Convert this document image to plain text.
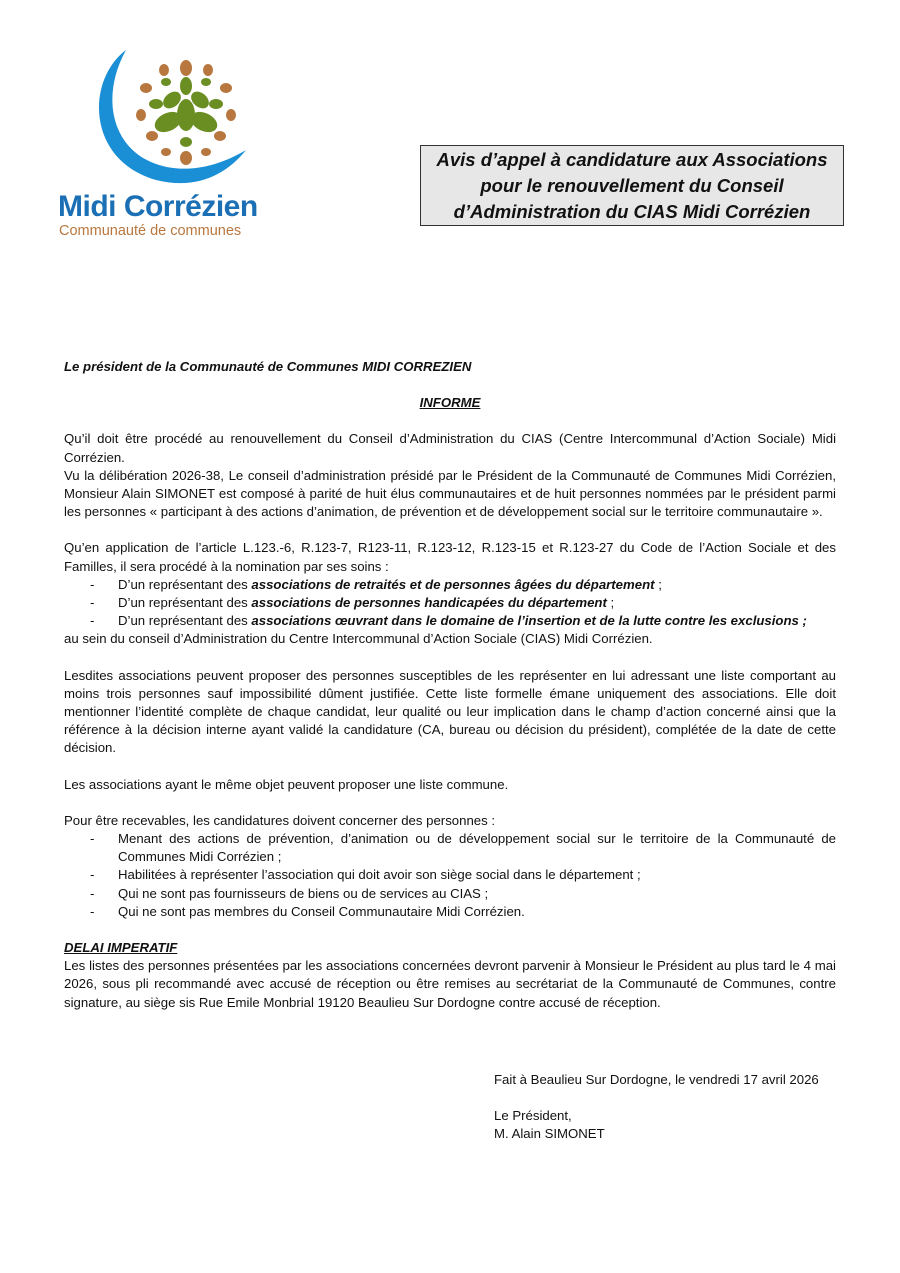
Midi Corrézien
Communauté de communes
Avis d’appel à candidature aux Associations pour le renouvellement du Conseil d’Administration du CIAS Midi Corrézien

Le président de la Communauté de Communes MIDI CORREZIEN

INFORME

Qu’il doit être procédé au renouvellement du Conseil d’Administration du CIAS (Centre Intercommunal d’Action Sociale) Midi Corrézien.

Vu la délibération 2026-38, Le conseil d’administration présidé par le Président de la Communauté de Communes Midi Corrézien, Monsieur Alain SIMONET est composé à parité de huit élus communautaires et de huit personnes nommées par le président parmi les personnes « participant à des actions d’animation, de prévention et de développement social sur le territoire communautaire ».

Qu’en application de l’article L.123.-6, R.123-7, R123-11, R.123-12, R.123-15 et R.123-27 du Code de l’Action Sociale et des Familles, il sera procédé à la nomination par ses soins :

- D’un représentant des associations de retraités et de personnes âgées du département ;
- D’un représentant des associations de personnes handicapées du département ;
- D’un représentant des associations œuvrant dans le domaine de l’insertion et de la lutte contre les exclusions ;

au sein du conseil d’Administration du Centre Intercommunal d’Action Sociale (CIAS) Midi Corrézien.

Lesdites associations peuvent proposer des personnes susceptibles de les représenter en lui adressant une liste comportant au moins trois personnes sauf impossibilité dûment justifiée. Cette liste formelle émane uniquement des associations. Elle doit mentionner l’identité complète de chaque candidat, leur qualité ou leur implication dans le champ d’action concerné ainsi que la référence à la décision interne ayant validé la candidature (CA, bureau ou décision du président), complétée de la date de cette décision.

Les associations ayant le même objet peuvent proposer une liste commune.

Pour être recevables, les candidatures doivent concerner des personnes :

- Menant des actions de prévention, d’animation ou de développement social sur le territoire de la Communauté de Communes Midi Corrézien ;
- Habilitées à représenter l’association qui doit avoir son siège social dans le département ;
- Qui ne sont pas fournisseurs de biens ou de services au CIAS ;
- Qui ne sont pas membres du Conseil Communautaire Midi Corrézien.

DELAI IMPERATIF

Les listes des personnes présentées par les associations concernées devront parvenir à Monsieur le Président au plus tard le 4 mai 2026, sous pli recommandé avec accusé de réception ou être remises au secrétariat de la Communauté de Communes, contre signature, au siège sis Rue Emile Monbrial 19120 Beaulieu Sur Dordogne contre accusé de réception.

Fait à Beaulieu Sur Dordogne, le vendredi 17 avril 2026

Le Président,

M. Alain SIMONET
